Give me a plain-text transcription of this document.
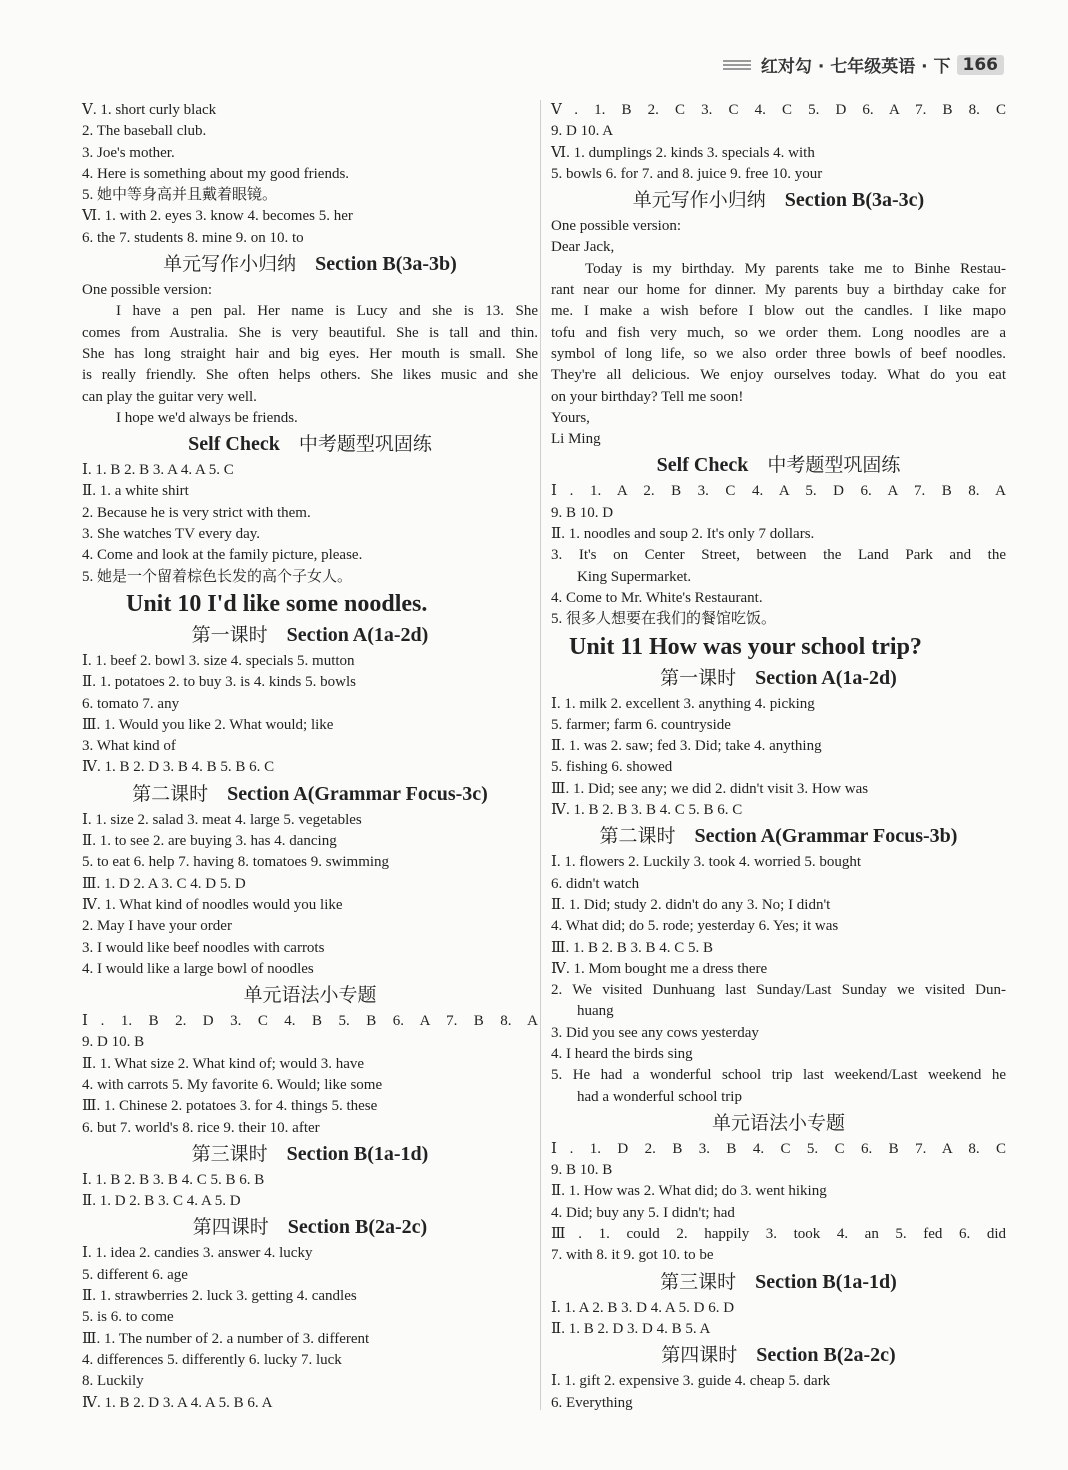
红对勾 · 七年级英语 · 下 166
Ⅴ. 1. short curly black
2. The baseball club.
3. Joe's mother.
4. Here is something about my good friends.
5. 她中等身高并且戴着眼镜。
Ⅵ. 1. with 2. eyes 3. know 4. becomes 5. her
6. the 7. students 8. mine 9. on 10. to
单元写作小归纳  Section B(3a-3b)
One possible version:
I have a pen pal. Her name is Lucy and she is 13. She
comes from Australia. She is very beautiful. She is tall and thin.
She has long straight hair and big eyes. Her mouth is small. She
is really friendly. She often helps others. She likes music and she
can play the guitar very well.
I hope we'd always be friends.
Self Check  中考题型巩固练
Ⅰ. 1. B 2. B 3. A 4. A 5. C
Ⅱ. 1. a white shirt
2. Because he is very strict with them.
3. She watches TV every day.
4. Come and look at the family picture, please.
5. 她是一个留着棕色长发的高个子女人。
Unit 10 I'd like some noodles.
第一课时  Section A(1a-2d)
Ⅰ. 1. beef 2. bowl 3. size 4. specials 5. mutton
Ⅱ. 1. potatoes 2. to buy 3. is 4. kinds 5. bowls
6. tomato 7. any
Ⅲ. 1. Would you like 2. What would; like
3. What kind of
Ⅳ. 1. B 2. D 3. B 4. B 5. B 6. C
第二课时  Section A(Grammar Focus-3c)
Ⅰ. 1. size 2. salad 3. meat 4. large 5. vegetables
Ⅱ. 1. to see 2. are buying 3. has 4. dancing
5. to eat 6. help 7. having 8. tomatoes 9. swimming
Ⅲ. 1. D 2. A 3. C 4. D 5. D
Ⅳ. 1. What kind of noodles would you like
2. May I have your order
3. I would like beef noodles with carrots
4. I would like a large bowl of noodles
单元语法小专题
Ⅰ. 1. B 2. D 3. C 4. B 5. B 6. A 7. B 8. A
9. D 10. B
Ⅱ. 1. What size 2. What kind of; would 3. have
4. with carrots 5. My favorite 6. Would; like some
Ⅲ. 1. Chinese 2. potatoes 3. for 4. things 5. these
6. but 7. world's 8. rice 9. their 10. after
第三课时  Section B(1a-1d)
Ⅰ. 1. B 2. B 3. B 4. C 5. B 6. B
Ⅱ. 1. D 2. B 3. C 4. A 5. D
第四课时  Section B(2a-2c)
Ⅰ. 1. idea 2. candies 3. answer 4. lucky
5. different 6. age
Ⅱ. 1. strawberries 2. luck 3. getting 4. candles
5. is 6. to come
Ⅲ. 1. The number of 2. a number of 3. different
4. differences 5. differently 6. lucky 7. luck
8. Luckily
Ⅳ. 1. B 2. D 3. A 4. A 5. B 6. A
Ⅴ. 1. B 2. C 3. C 4. C 5. D 6. A 7. B 8. C
9. D 10. A
Ⅵ. 1. dumplings 2. kinds 3. specials 4. with
5. bowls 6. for 7. and 8. juice 9. free 10. your
单元写作小归纳  Section B(3a-3c)
One possible version:
Dear Jack,
Today is my birthday. My parents take me to Binhe Restau-
rant near our home for dinner. My parents buy a birthday cake for
me. I make a wish before I blow out the candles. I like mapo
tofu and fish very much, so we order them. Long noodles are a
symbol of long life, so we also order three bowls of beef noodles.
They're all delicious. We enjoy ourselves today. What do you eat
on your birthday? Tell me soon!
Yours,
Li Ming
Self Check  中考题型巩固练
Ⅰ. 1. A 2. B 3. C 4. A 5. D 6. A 7. B 8. A
9. B 10. D
Ⅱ. 1. noodles and soup 2. It's only 7 dollars.
3. It's on Center Street, between the Land Park and the
King Supermarket.
4. Come to Mr. White's Restaurant.
5. 很多人想要在我们的餐馆吃饭。
Unit 11 How was your school trip?
第一课时  Section A(1a-2d)
Ⅰ. 1. milk 2. excellent 3. anything 4. picking
5. farmer; farm 6. countryside
Ⅱ. 1. was 2. saw; fed 3. Did; take 4. anything
5. fishing 6. showed
Ⅲ. 1. Did; see any; we did 2. didn't visit 3. How was
Ⅳ. 1. B 2. B 3. B 4. C 5. B 6. C
第二课时  Section A(Grammar Focus-3b)
Ⅰ. 1. flowers 2. Luckily 3. took 4. worried 5. bought
6. didn't watch
Ⅱ. 1. Did; study 2. didn't do any 3. No; I didn't
4. What did; do 5. rode; yesterday 6. Yes; it was
Ⅲ. 1. B 2. B 3. B 4. C 5. B
Ⅳ. 1. Mom bought me a dress there
2. We visited Dunhuang last Sunday/Last Sunday we visited Dun-
huang
3. Did you see any cows yesterday
4. I heard the birds sing
5. He had a wonderful school trip last weekend/Last weekend he
had a wonderful school trip
单元语法小专题
Ⅰ. 1. D 2. B 3. B 4. C 5. C 6. B 7. A 8. C
9. B 10. B
Ⅱ. 1. How was 2. What did; do 3. went hiking
4. Did; buy any 5. I didn't; had
Ⅲ. 1. could 2. happily 3. took 4. an 5. fed 6. did
7. with 8. it 9. got 10. to be
第三课时  Section B(1a-1d)
Ⅰ. 1. A 2. B 3. D 4. A 5. D 6. D
Ⅱ. 1. B 2. D 3. D 4. B 5. A
第四课时  Section B(2a-2c)
Ⅰ. 1. gift 2. expensive 3. guide 4. cheap 5. dark
6. Everything
